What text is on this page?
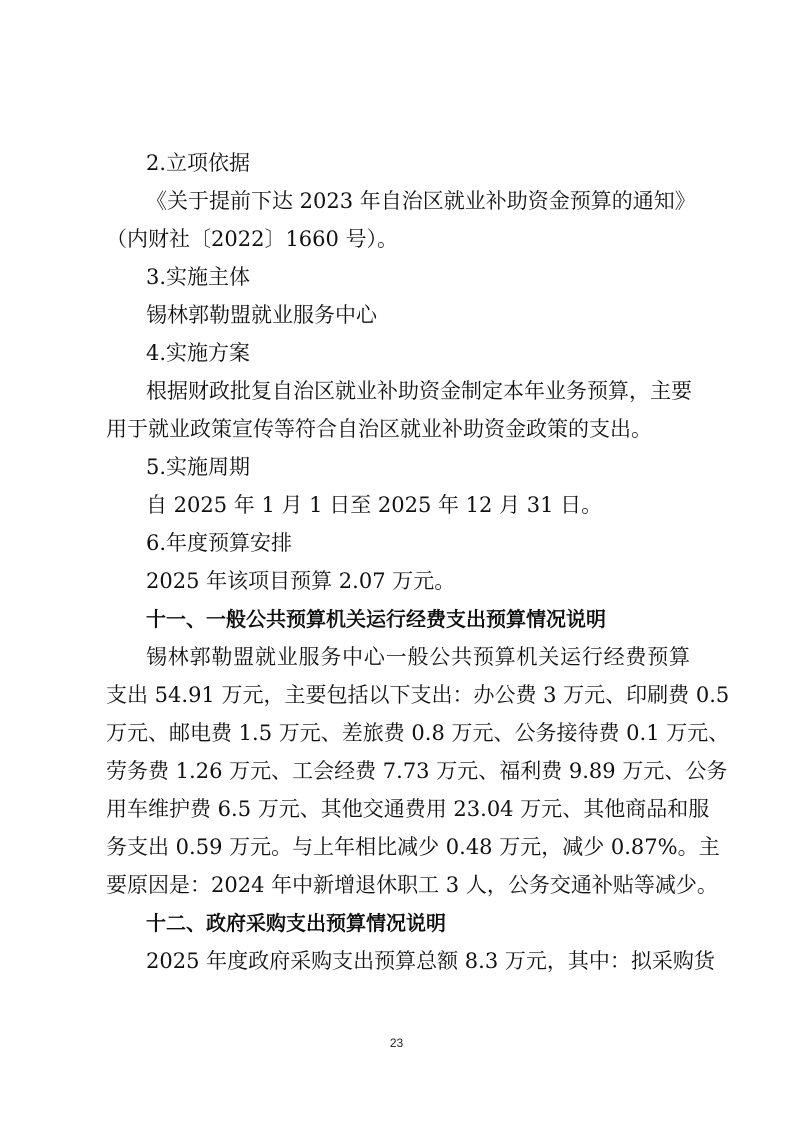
2.立项依据
《关于提前下达 2023 年自治区就业补助资金预算的通知》
（内财社〔2022〕1660 号）。
3.实施主体
锡林郭勒盟就业服务中心
4.实施方案
根据财政批复自治区就业补助资金制定本年业务预算，主要
用于就业政策宣传等符合自治区就业补助资金政策的支出。
5.实施周期
自 2025 年 1 月 1 日至 2025 年 12 月 31 日。
6.年度预算安排
2025 年该项目预算 2.07 万元。
十一、一般公共预算机关运行经费支出预算情况说明
锡林郭勒盟就业服务中心一般公共预算机关运行经费预算
支出 54.91 万元，主要包括以下支出：办公费 3 万元、印刷费 0.5
万元、邮电费 1.5 万元、差旅费 0.8 万元、公务接待费 0.1 万元、
劳务费 1.26 万元、工会经费 7.73 万元、福利费 9.89 万元、公务
用车维护费 6.5 万元、其他交通费用 23.04 万元、其他商品和服
务支出 0.59 万元。与上年相比减少 0.48 万元，减少 0.87%。主
要原因是：2024 年中新增退休职工 3 人，公务交通补贴等减少。
十二、政府采购支出预算情况说明
2025 年度政府采购支出预算总额 8.3 万元，其中：拟采购货
23
